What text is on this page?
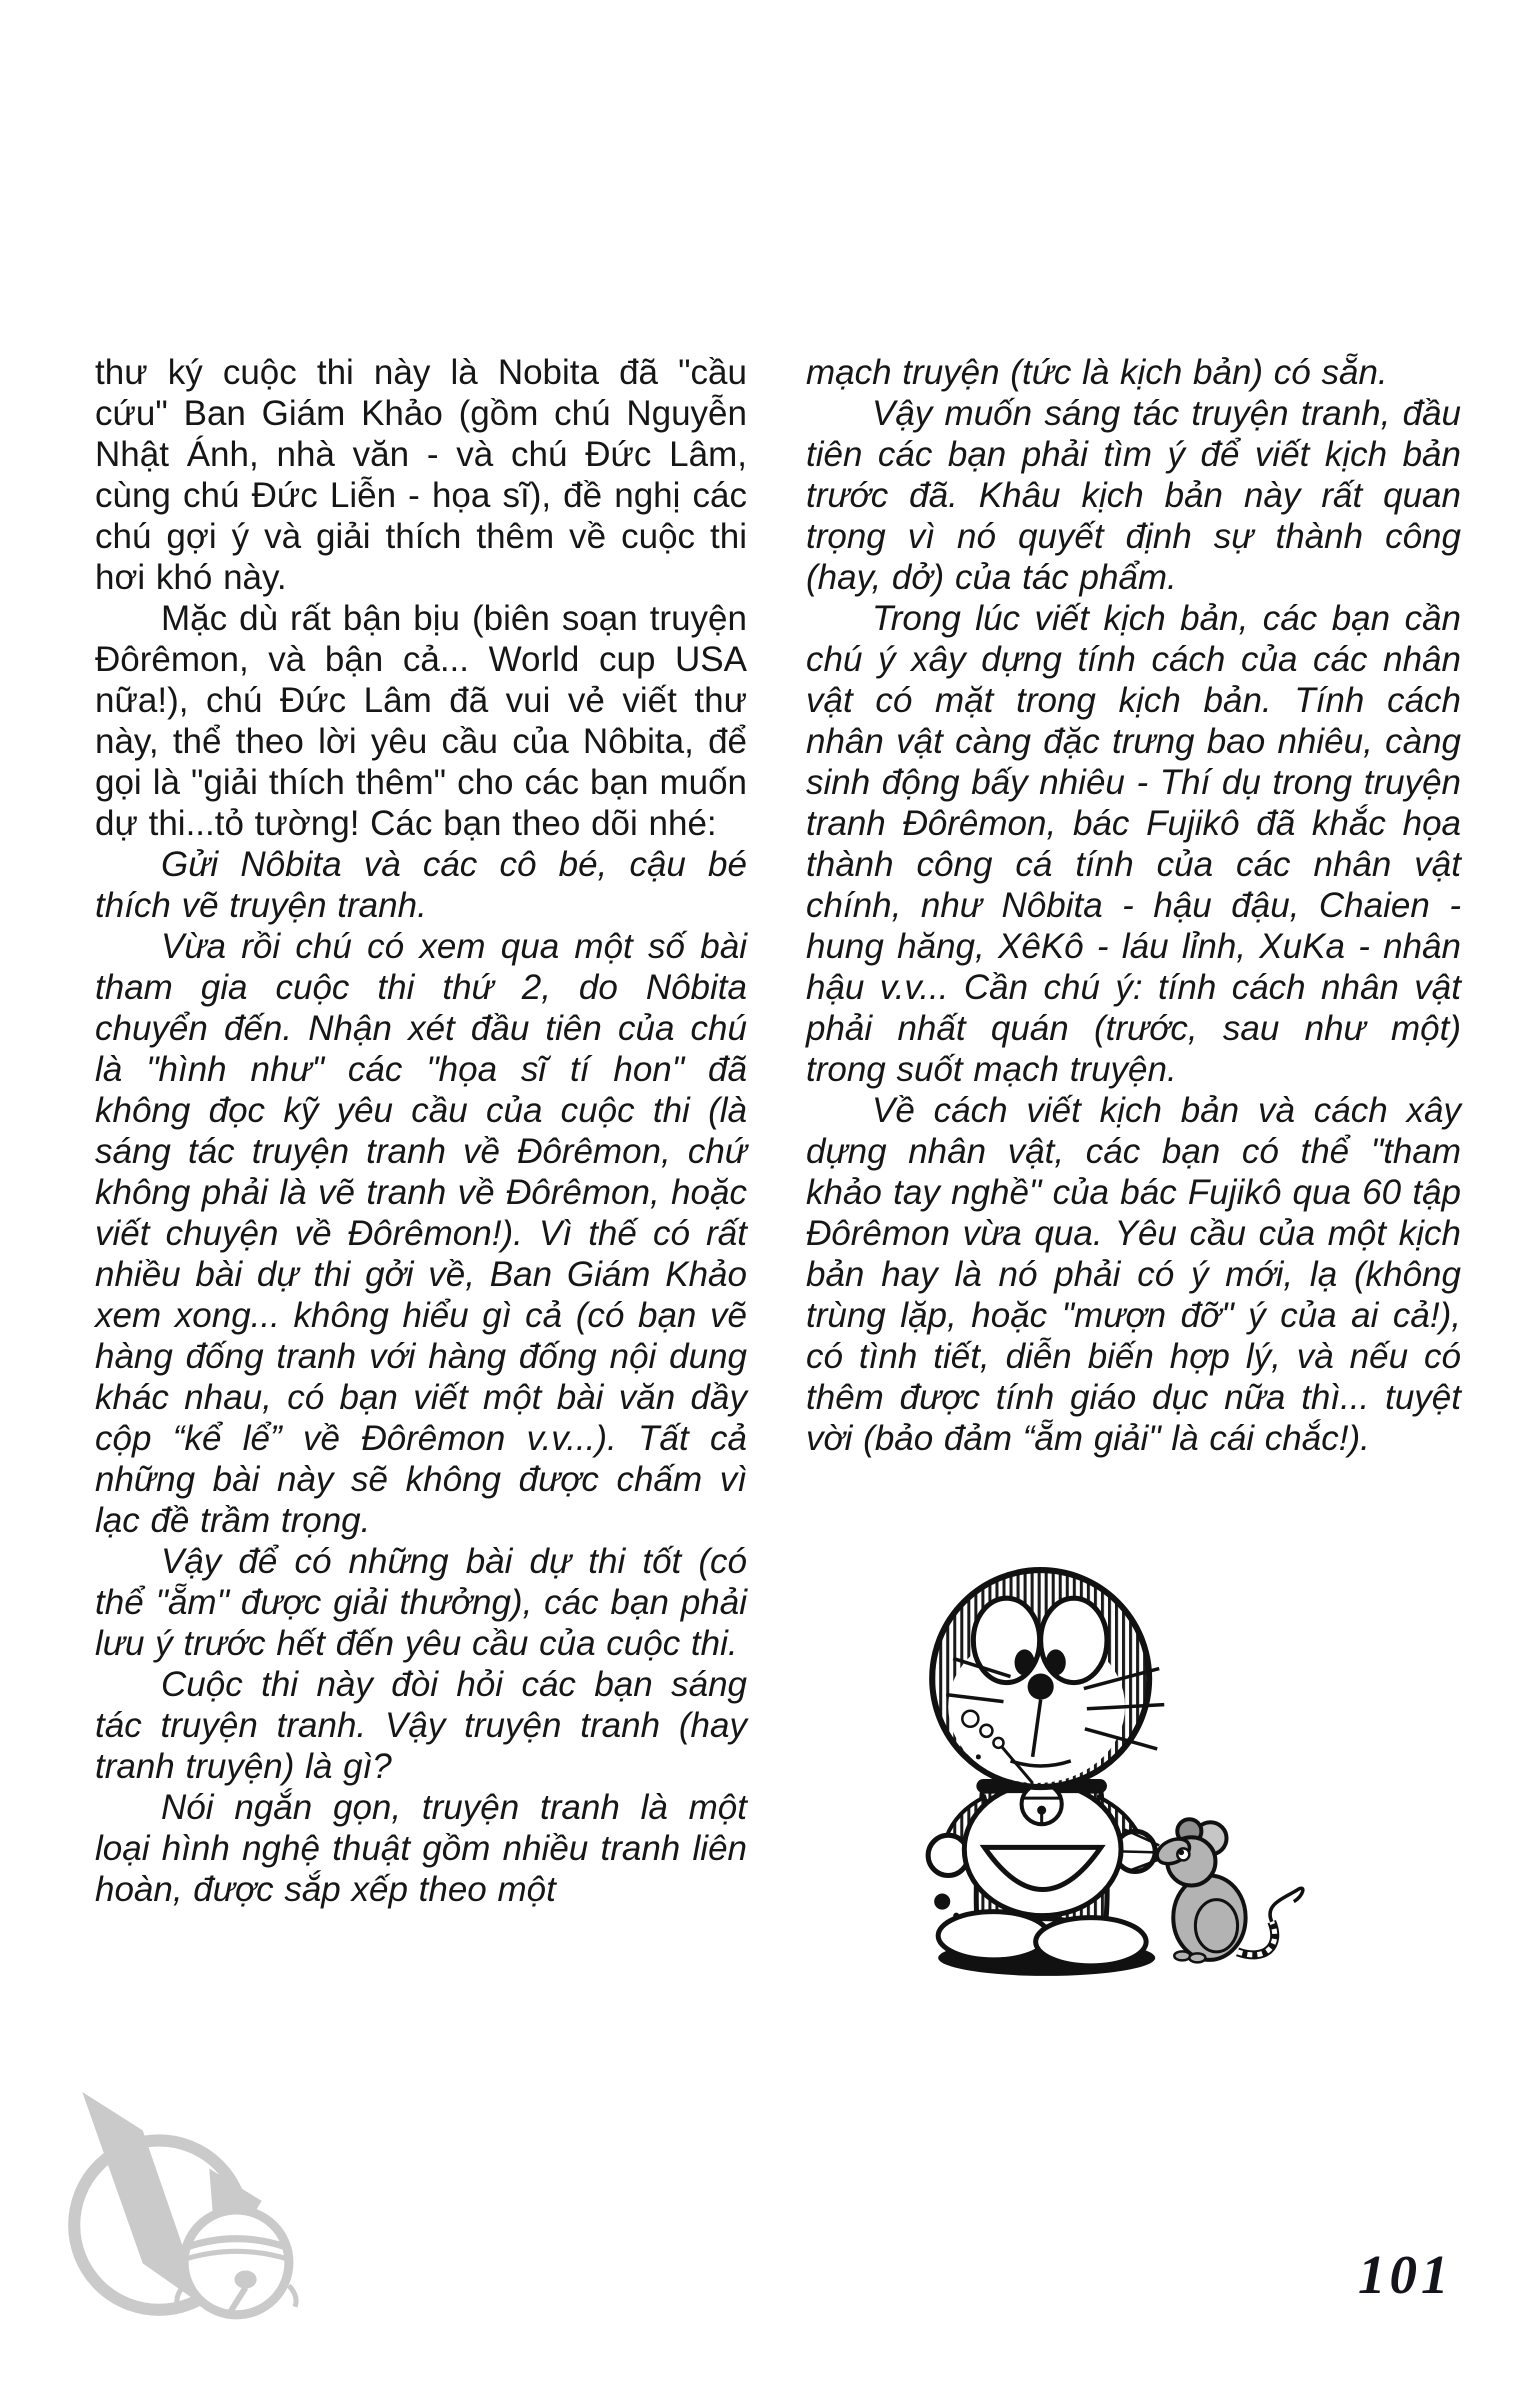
thư ký cuộc thi này là Nobita đã "cầu cứu" Ban Giám Khảo (gồm chú Nguyễn Nhật Ánh, nhà văn - và chú Đức Lâm, cùng chú Đức Liễn - họa sĩ), đề nghị các chú gợi ý và giải thích thêm về cuộc thi hơi khó này.

Mặc dù rất bận bịu (biên soạn truyện Đôrêmon, và bận cả... World cup USA nữa!), chú Đức Lâm đã vui vẻ viết thư này, thể theo lời yêu cầu của Nôbita, để gọi là "giải thích thêm" cho các bạn muốn dự thi...tỏ tường! Các bạn theo dõi nhé:

Gửi Nôbita và các cô bé, cậu bé thích vẽ truyện tranh.

Vừa rồi chú có xem qua một số bài tham gia cuộc thi thứ 2, do Nôbita chuyển đến. Nhận xét đầu tiên của chú là "hình như" các "họa sĩ tí hon" đã không đọc kỹ yêu cầu của cuộc thi (là sáng tác truyện tranh về Đôrêmon, chứ không phải là vẽ tranh về Đôrêmon, hoặc viết chuyện về Đôrêmon!). Vì thế có rất nhiều bài dự thi gởi về, Ban Giám Khảo xem xong... không hiểu gì cả (có bạn vẽ hàng đống tranh với hàng đống nội dung khác nhau, có bạn viết một bài văn dầy cộp “kể lể” về Đôrêmon v.v...). Tất cả những bài này sẽ không được chấm vì lạc đề trầm trọng.

Vậy để có những bài dự thi tốt (có thể "ẵm" được giải thưởng), các bạn phải lưu ý trước hết đến yêu cầu của cuộc thi.

Cuộc thi này đòi hỏi các bạn sáng tác truyện tranh. Vậy truyện tranh (hay tranh truyện) là gì?

Nói ngắn gọn, truyện tranh là một loại hình nghệ thuật gồm nhiều tranh liên hoàn, được sắp xếp theo một

mạch truyện (tức là kịch bản) có sẵn.

Vậy muốn sáng tác truyện tranh, đầu tiên các bạn phải tìm ý để viết kịch bản trước đã. Khâu kịch bản này rất quan trọng vì nó quyết định sự thành công (hay, dở) của tác phẩm.

Trong lúc viết kịch bản, các bạn cần chú ý xây dựng tính cách của các nhân vật có mặt trong kịch bản. Tính cách nhân vật càng đặc trưng bao nhiêu, càng sinh động bấy nhiêu - Thí dụ trong truyện tranh Đôrêmon, bác Fujikô đã khắc họa thành công cá tính của các nhân vật chính, như Nôbita - hậu đậu, Chaien - hung hăng, XêKô - láu lỉnh, XuKa - nhân hậu v.v... Cần chú ý: tính cách nhân vật phải nhất quán (trước, sau như một) trong suốt mạch truyện.

Về cách viết kịch bản và cách xây dựng nhân vật, các bạn có thể "tham khảo tay nghề" của bác Fujikô qua 60 tập Đôrêmon vừa qua. Yêu cầu của một kịch bản hay là nó phải có ý mới, lạ (không trùng lặp, hoặc "mượn đỡ" ý của ai cả!), có tình tiết, diễn biến hợp lý, và nếu có thêm được tính giáo dục nữa thì... tuyệt vời (bảo đảm “ẵm giải" là cái chắc!).

101
